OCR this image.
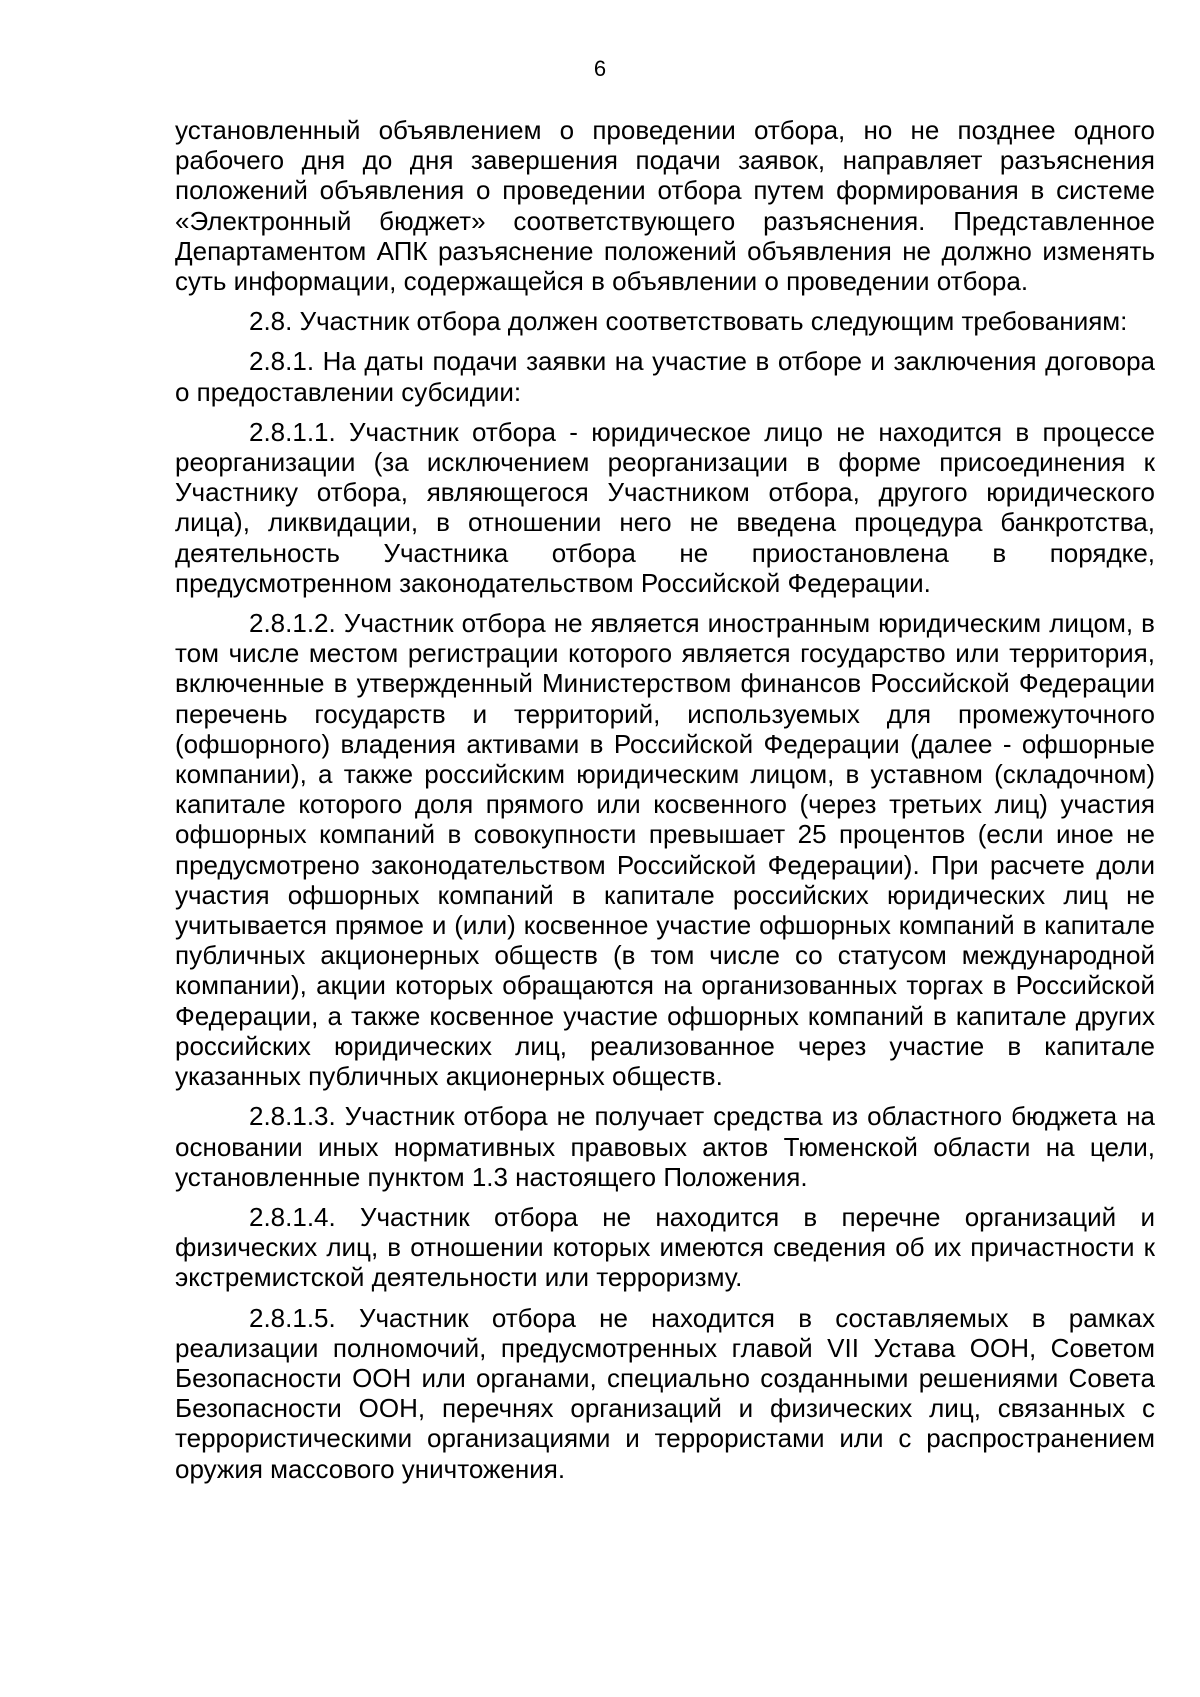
6

установленный объявлением о проведении отбора, но не позднее одного рабочего дня до дня завершения подачи заявок, направляет разъяснения положений объявления о проведении отбора путем формирования в системе «Электронный бюджет» соответствующего разъяснения. Представленное Департаментом АПК разъяснение положений объявления не должно изменять суть информации, содержащейся в объявлении о проведении отбора.

2.8. Участник отбора должен соответствовать следующим требованиям:

2.8.1. На даты подачи заявки на участие в отборе и заключения договора о предоставлении субсидии:

2.8.1.1. Участник отбора - юридическое лицо не находится в процессе реорганизации (за исключением реорганизации в форме присоединения к Участнику отбора, являющегося Участником отбора, другого юридического лица), ликвидации, в отношении него не введена процедура банкротства, деятельность Участника отбора не приостановлена в порядке, предусмотренном законодательством Российской Федерации.

2.8.1.2. Участник отбора не является иностранным юридическим лицом, в том числе местом регистрации которого является государство или территория, включенные в утвержденный Министерством финансов Российской Федерации перечень государств и территорий, используемых для промежуточного (офшорного) владения активами в Российской Федерации (далее - офшорные компании), а также российским юридическим лицом, в уставном (складочном) капитале которого доля прямого или косвенного (через третьих лиц) участия офшорных компаний в совокупности превышает 25 процентов (если иное не предусмотрено законодательством Российской Федерации). При расчете доли участия офшорных компаний в капитале российских юридических лиц не учитывается прямое и (или) косвенное участие офшорных компаний в капитале публичных акционерных обществ (в том числе со статусом международной компании), акции которых обращаются на организованных торгах в Российской Федерации, а также косвенное участие офшорных компаний в капитале других российских юридических лиц, реализованное через участие в капитале указанных публичных акционерных обществ.

2.8.1.3. Участник отбора не получает средства из областного бюджета на основании иных нормативных правовых актов Тюменской области на цели, установленные пунктом 1.3 настоящего Положения.

2.8.1.4. Участник отбора не находится в перечне организаций и физических лиц, в отношении которых имеются сведения об их причастности к экстремистской деятельности или терроризму.

2.8.1.5. Участник отбора не находится в составляемых в рамках реализации полномочий, предусмотренных главой VII Устава ООН, Советом Безопасности ООН или органами, специально созданными решениями Совета Безопасности ООН, перечнях организаций и физических лиц, связанных с террористическими организациями и террористами или с распространением оружия массового уничтожения.
